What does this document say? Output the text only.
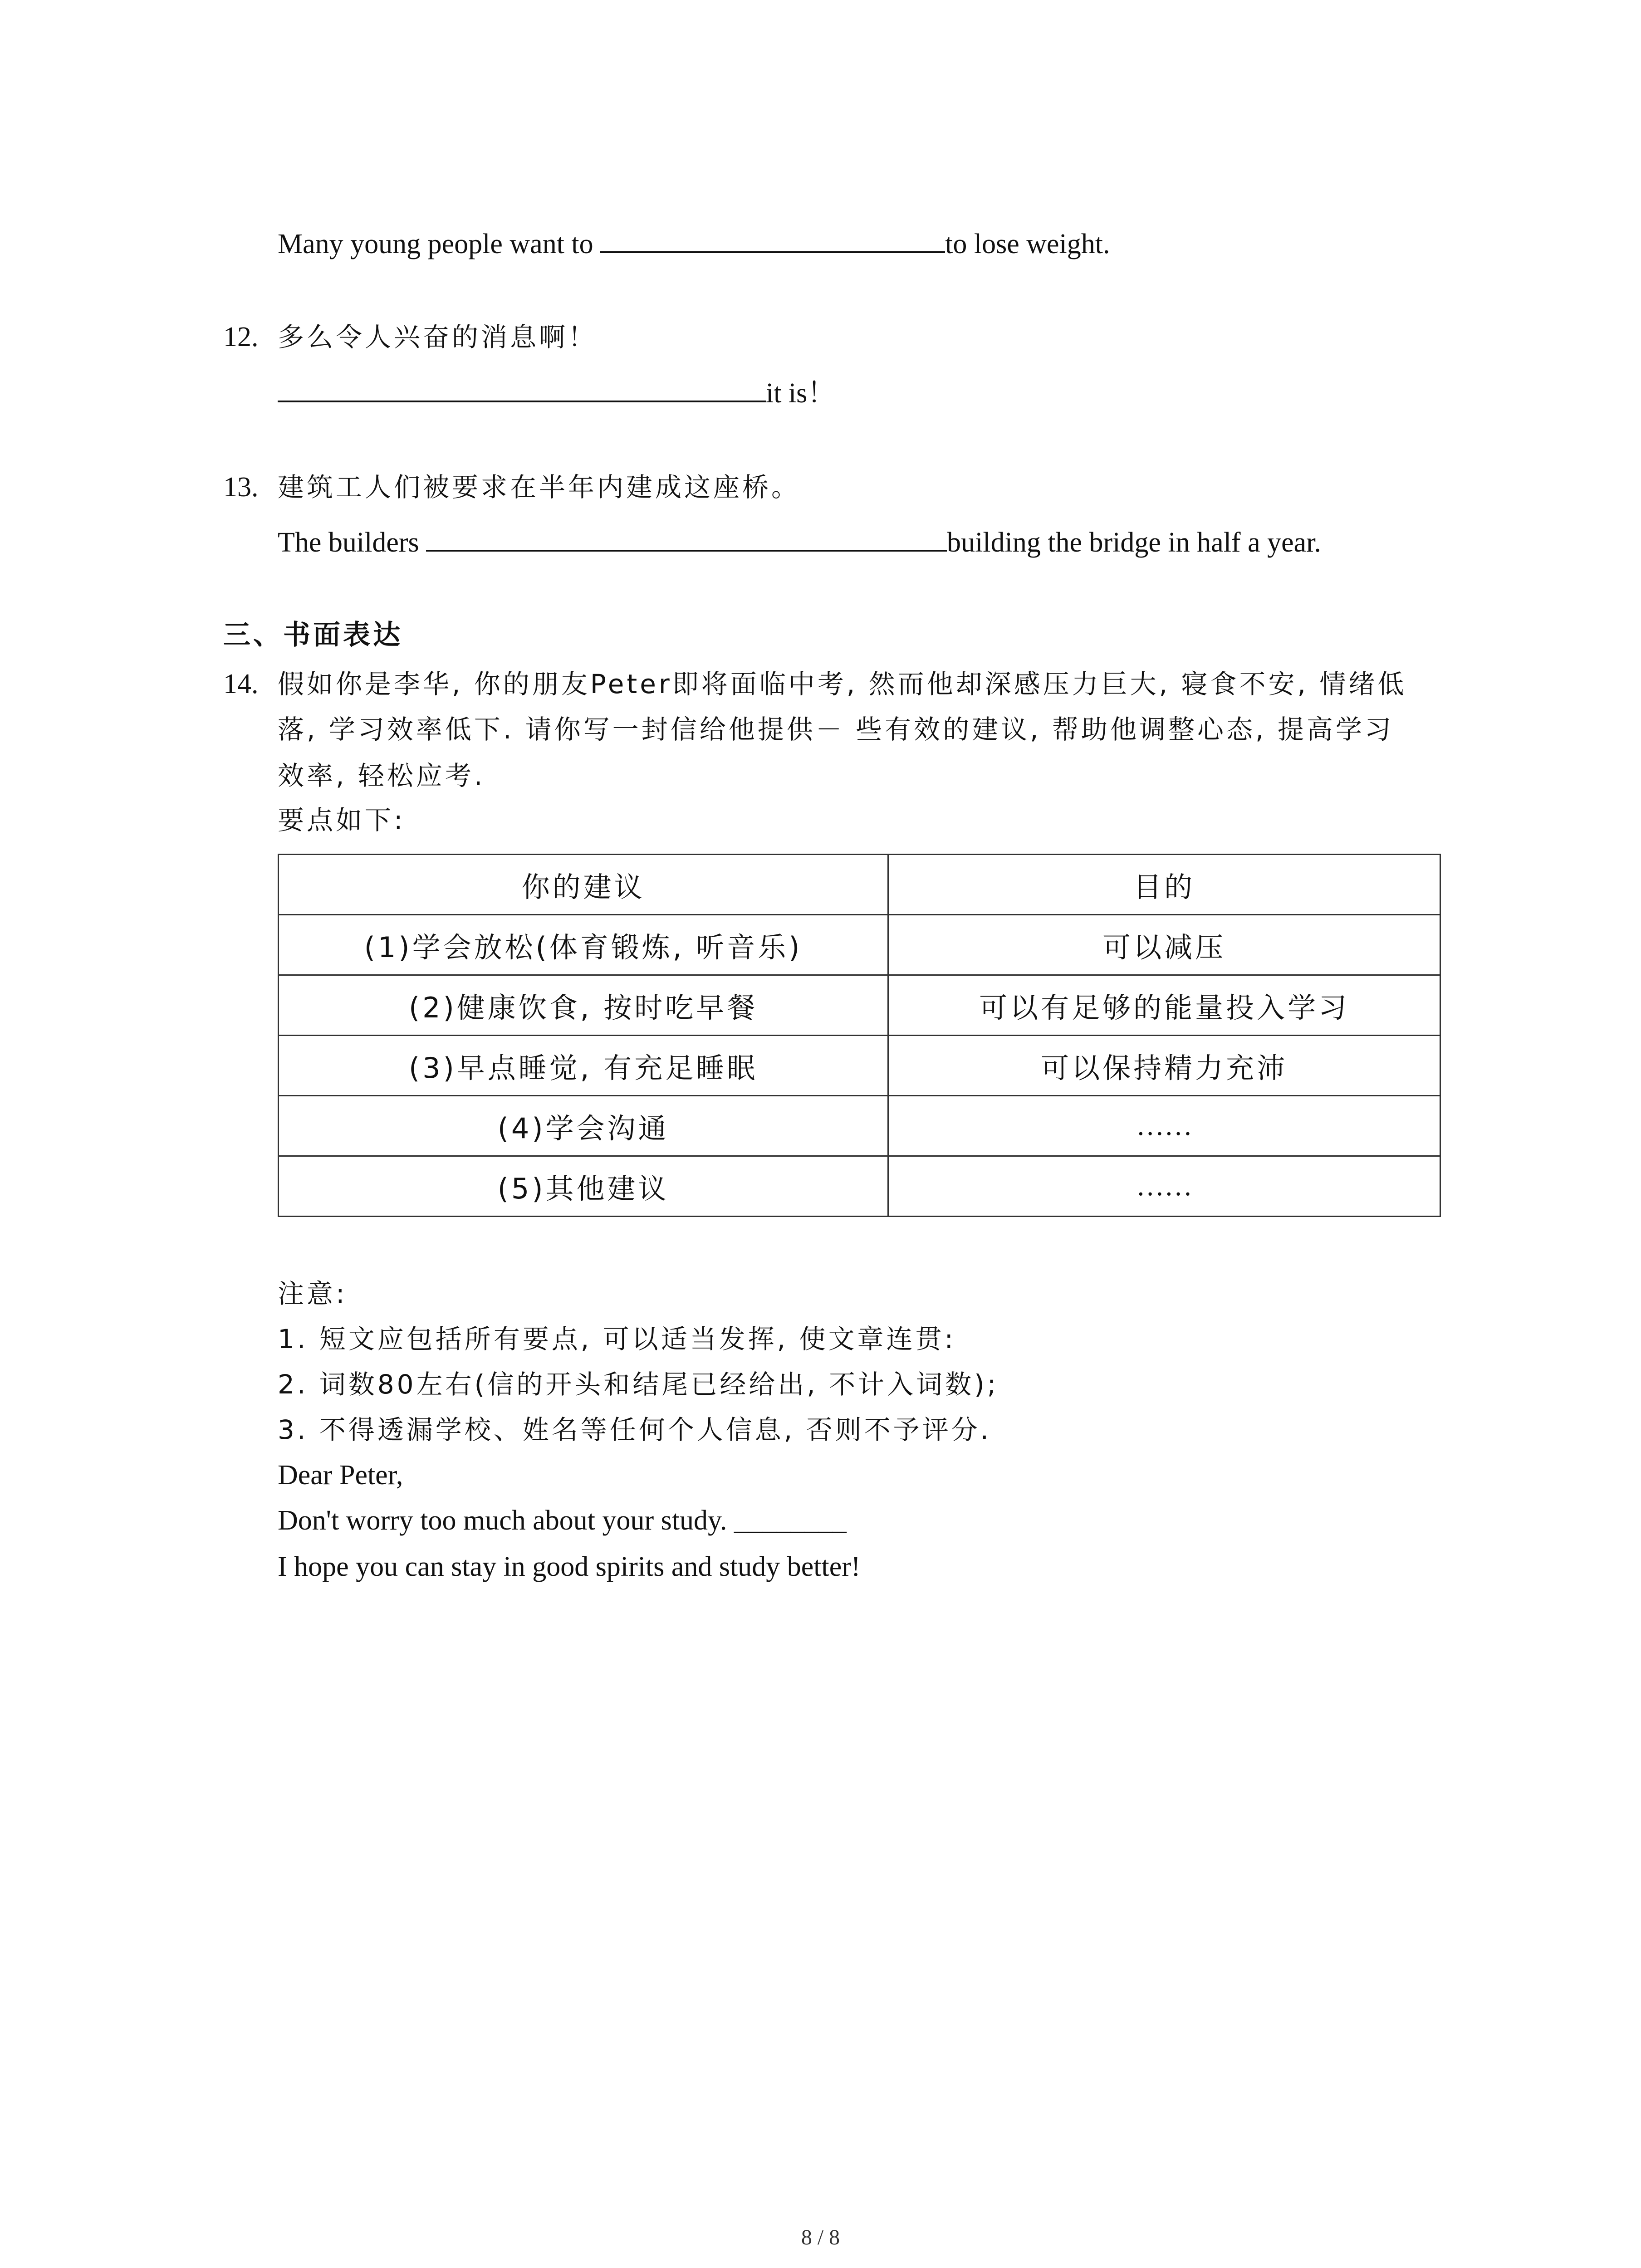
Many young people want to	to lose weight.
12. 多么令人兴奋的消息啊！
it is！
13. 建筑工人们被要求在半年内建成这座桥。
The builders	building the bridge in half a year.
三、书面表达
14. 假如你是李华, 你的朋友Peter即将面临中考, 然而他却深感压力巨大, 寝食不安, 情绪低
落, 学习效率低下. 请你写一封信给他提供－ 些有效的建议, 帮助他调整心态, 提高学习
效率, 轻松应考.
要点如下:
你的建议	目的
(1)学会放松(体育锻炼, 听音乐)	可以减压
(2)健康饮食, 按时吃早餐	可以有足够的能量投入学习
(3)早点睡觉, 有充足睡眠	可以保持精力充沛
(4)学会沟通	……
(5)其他建议	……
注意:
1. 短文应包括所有要点, 可以适当发挥, 使文章连贯:
2. 词数80左右(信的开头和结尾已经给出, 不计入词数);
3. 不得透漏学校、姓名等任何个人信息, 否则不予评分.
Dear Peter,
Don't worry too much about your study. ________
I hope you can stay in good spirits and study better!
8 / 8
